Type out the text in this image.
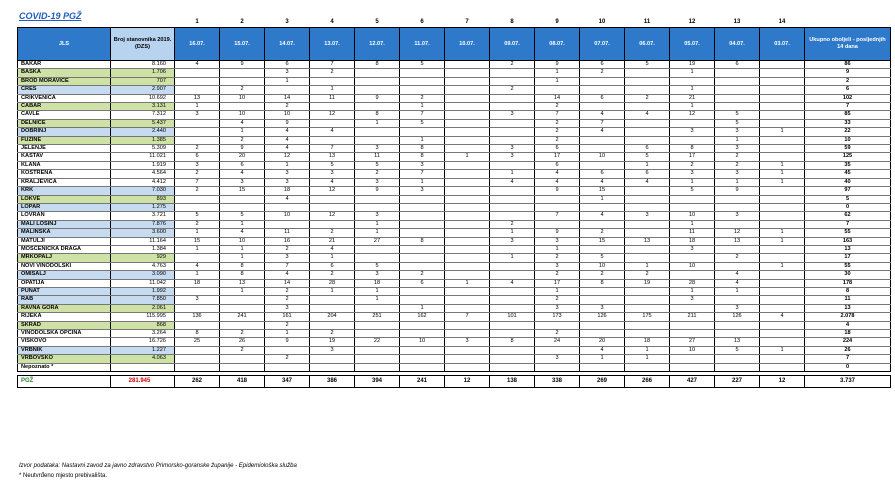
COVID-19 PGŽ
		1	2	3	4	5	6	7	8	9	10	11	12	13	14	
JLS	Broj stanovnika 2019. (DZS)	16.07.	15.07.	14.07.	13.07.	12.07.	11.07.	10.07.	09.07.	08.07.	07.07.	06.07.	05.07.	04.07.	03.07.	Ukupno oboljeli - posljednjih 14 dana
BAKAR	8.160	4	9	6	7	8	5		2	9	6	5	19	6		86
BAŠKA	1.706			3	2					1	2		1			9
BROD MORAVICE	707			1						1						2
CRES	2.907		2		1				2				1			6
CRIKVENICA	10.692	13	10	14	11	9	2			14	6	2	21			102
ČABAR	3.131	1		2			1			2			1			7
ČAVLE	7.312	3	10	10	12	8	7		3	7	4	4	12	5		85
DELNICE	5.437		4	9		1	5			2	7			5		33
DOBRINJ	2.440		1	4	4					2	4		3	3	1	22
FUŽINE	1.385		2	4			1			2				1		10
JELENJE	5.309	2	9	4	7	3	8		3	6		6	8	3		59
KASTAV	11.021	6	20	12	13	11	8	1	3	17	10	5	17	2		125
KLANA	1.919	3	6	1	5	5	3			6		1	2	2	1	35
KOSTRENA	4.564	2	4	3	3	2	7		1	4	6	6	3	3	1	45
KRALJEVICA	4.412	7	3	3	4	3	1		4	4	4	4	1	1	1	40
KRK	7.030	2	15	18	12	9	3			9	15		5	9		97
LOKVE	893			4							1					5
LOPAR	1.275															0
LOVRAN	3.721	5	5	10	12	3				7	4	3	10	3		62
MALI LOŠINJ	7.876	2	1			1			2				1			7
MALINSKA	3.600	1	4	11	2	1			1	9	2		11	12	1	55
MATULJI	11.164	15	10	16	21	27	8		3	3	15	13	18	13	1	163
MOŠĆENIČKA DRAGA	1.384	1	1	2	4					1			3			13
MRKOPALJ	929		1	3	1				1	2	5			2		17
NOVI VINODOLSKI	4.763	4	8	7	6	5				3	10	1	10		1	55
OMIŠALJ	3.090	1	8	4	2	3	2			2	2	2		4		30
OPATIJA	11.042	18	13	14	28	18	6	1	4	17	8	19	28	4		178
PUNAT	1.992		1	2	1	1				1			1	1		8
RAB	7.850	3		2		1				2			3			11
RAVNA GORA	2.061			3			1			3	3			3		13
RIJEKA	115.995	136	241	161	204	251	162	7	101	173	126	175	211	126	4	2.078
SKRAD	868			2												4
VINODOLSKA OPĆINA	3.264	8	2	1	2					2						18
VIŠKOVO	16.726	25	26	9	19	22	10	3	8	24	20	18	27	13		224
VRBNIK	1.227		2		3						4	1	10	5	1	26
VRBOVSKO	4.063			2						3	1	1				7
Nepoznato *																0

PGŽ	281.945	262	418	347	386	394	241	12	138	338	269	266	427	227	12	3.737
Izvor podataka: Nastavni zavod za javno zdravstvo Primorsko-goranske županije - Epidemiološka služba
* Neutvrđeno mjesto prebivališta.
